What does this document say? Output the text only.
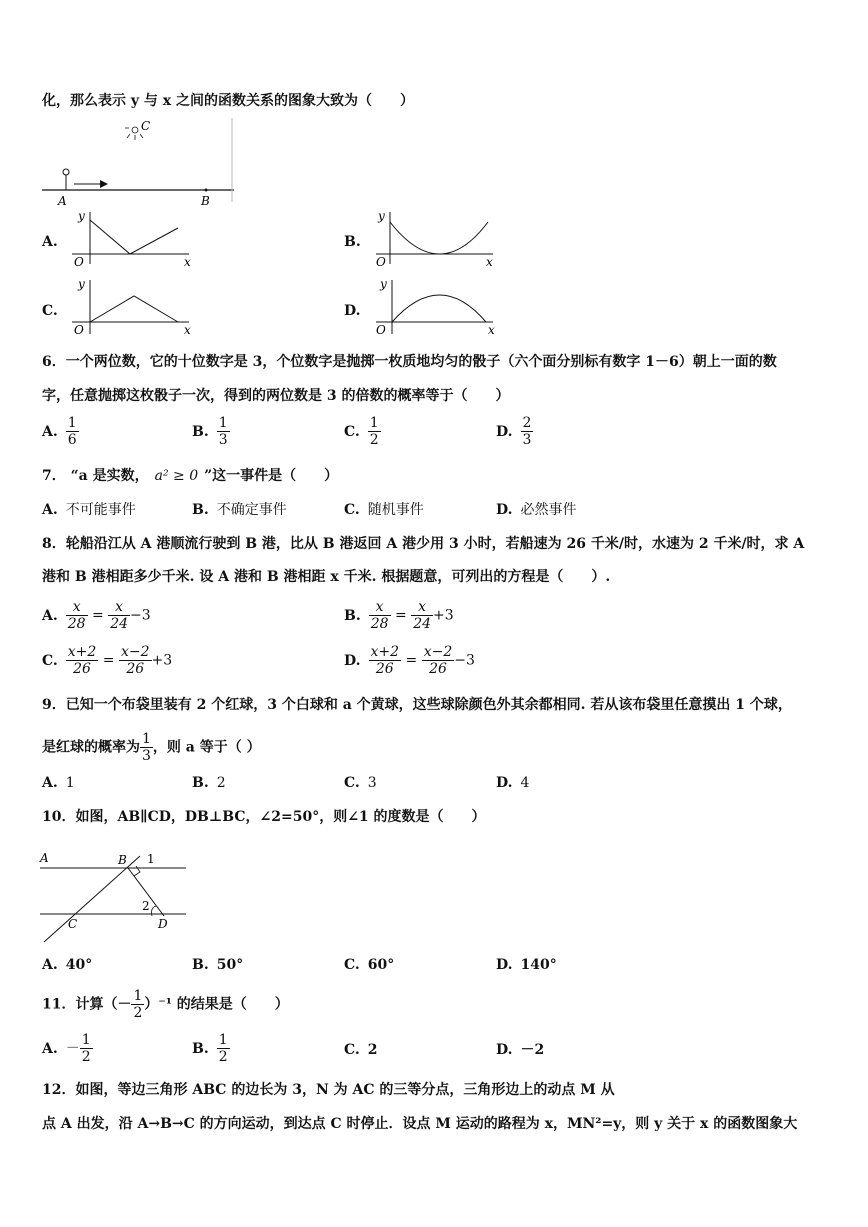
化，那么表示 y 与 x 之间的函数关系的图象大致为（　　）
C
A	B
A.
y
x
O
B.
y
x
O
C.
y
x
O
D.
y
x
O
6．一个两位数，它的十位数字是 3，个位数字是抛掷一枚质地均匀的骰子（六个面分别标有数字 1－6）朝上一面的数
字，任意抛掷这枚骰子一次，得到的两位数是 3 的倍数的概率等于（　　）
A. $\frac{1}{6}$	B. $\frac{1}{3}$	C. $\frac{1}{2}$	D. $\frac{2}{3}$
7． “a 是实数， a² ≥ 0 ”这一事件是（　　）
A. 不可能事件	B. 不确定事件	C. 随机事件	D. 必然事件
8．轮船沿江从 A 港顺流行驶到 B 港，比从 B 港返回 A 港少用 3 小时，若船速为 26 千米/时，水速为 2 千米/时，求 A
港和 B 港相距多少千米. 设 A 港和 B 港相距 x 千米. 根据题意，可列出的方程是（　　）.
A. $\frac{x}{28} = \frac{x}{24} -3$	B. $\frac{x}{28} = \frac{x}{24} +3$
C. $\frac{x+2}{26} = \frac{x-2}{26} +3$	D. $\frac{x+2}{26} = \frac{x-2}{26} -3$
9．已知一个布袋里装有 2 个红球，3 个白球和 a 个黄球，这些球除颜色外其余都相同. 若从该布袋里任意摸出 1 个球，
是红球的概率为 $\frac{1}{3}$ ，则 a 等于（ ）
A. 1	B. 2	C. 3	D. 4
10．如图，AB∥CD，DB⊥BC，∠2=50°，则∠1 的度数是（　　）
A	B 1
2
C	D
A. 40°	B. 50°	C. 60°	D. 140°
11．计算（－ $\frac{1}{2} )^{-1}$ 的结果是（　　）
A. － $\frac{1}{2}$	B. $\frac{1}{2}$	C. 2	D. －2
12．如图，等边三角形 ABC 的边长为 3，N 为 AC 的三等分点，三角形边上的动点 M 从
点 A 出发，沿 A→B→C 的方向运动，到达点 C 时停止．设点 M 运动的路程为 x，MN²=y，则 y 关于 x 的函数图象大
